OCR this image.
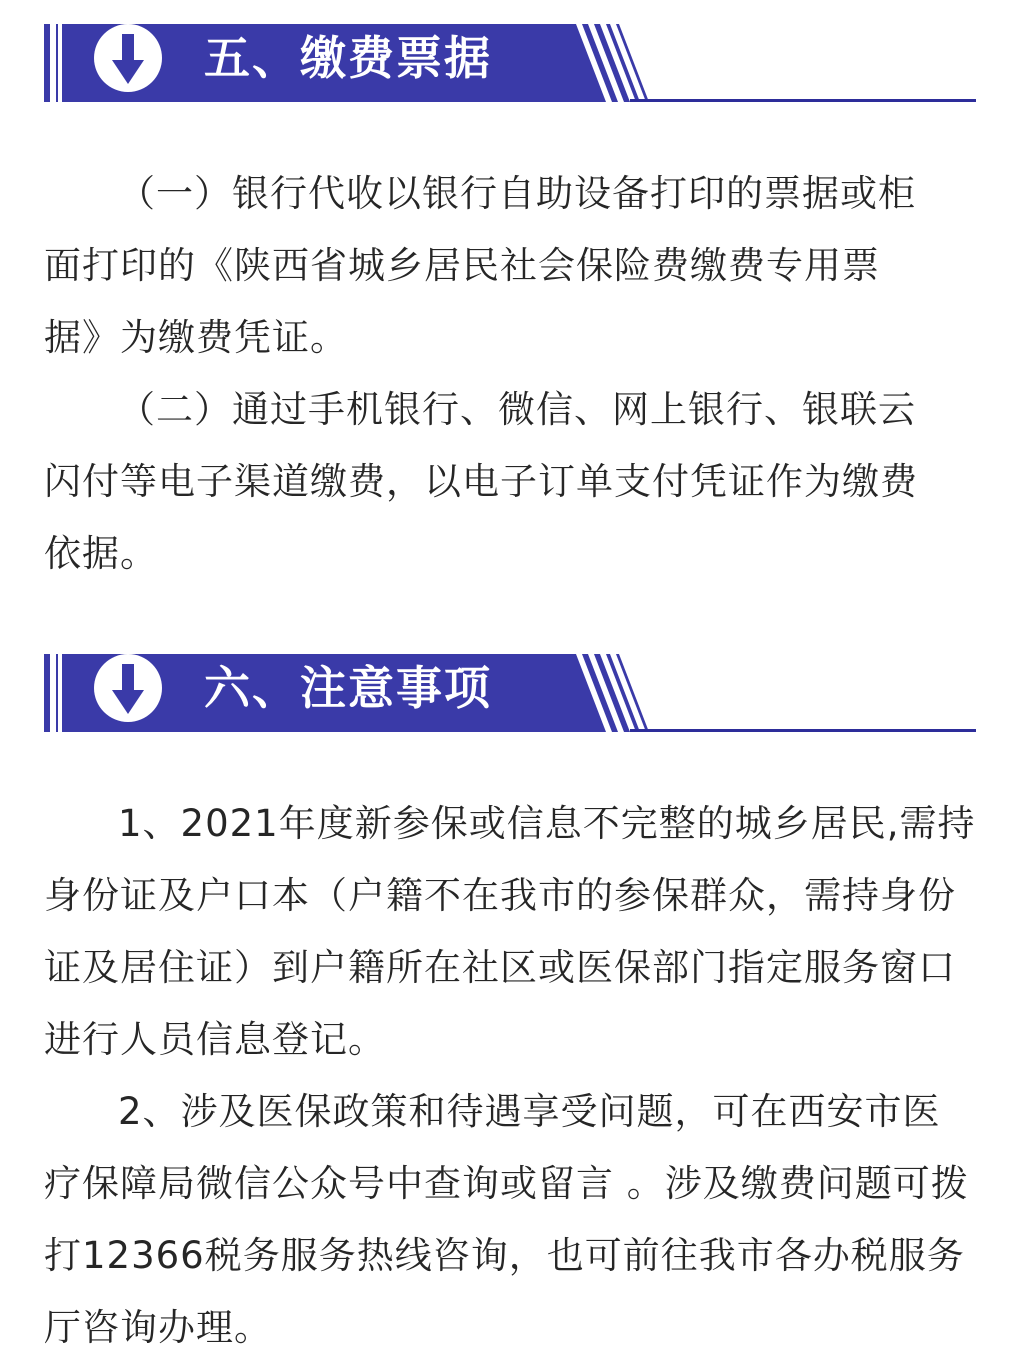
五、缴费票据
（一）银行代收以银行自助设备打印的票据或柜
面打印的《陕西省城乡居民社会保险费缴费专用票
据》为缴费凭证。
（二）通过手机银行、微信、网上银行、银联云
闪付等电子渠道缴费，以电子订单支付凭证作为缴费
依据。
六、注意事项
1、2021年度新参保或信息不完整的城乡居民,需持
身份证及户口本（户籍不在我市的参保群众，需持身份
证及居住证）到户籍所在社区或医保部门指定服务窗口
进行人员信息登记。
2、涉及医保政策和待遇享受问题，可在西安市医
疗保障局微信公众号中查询或留言 。涉及缴费问题可拨
打12366税务服务热线咨询，也可前往我市各办税服务
厅咨询办理。
